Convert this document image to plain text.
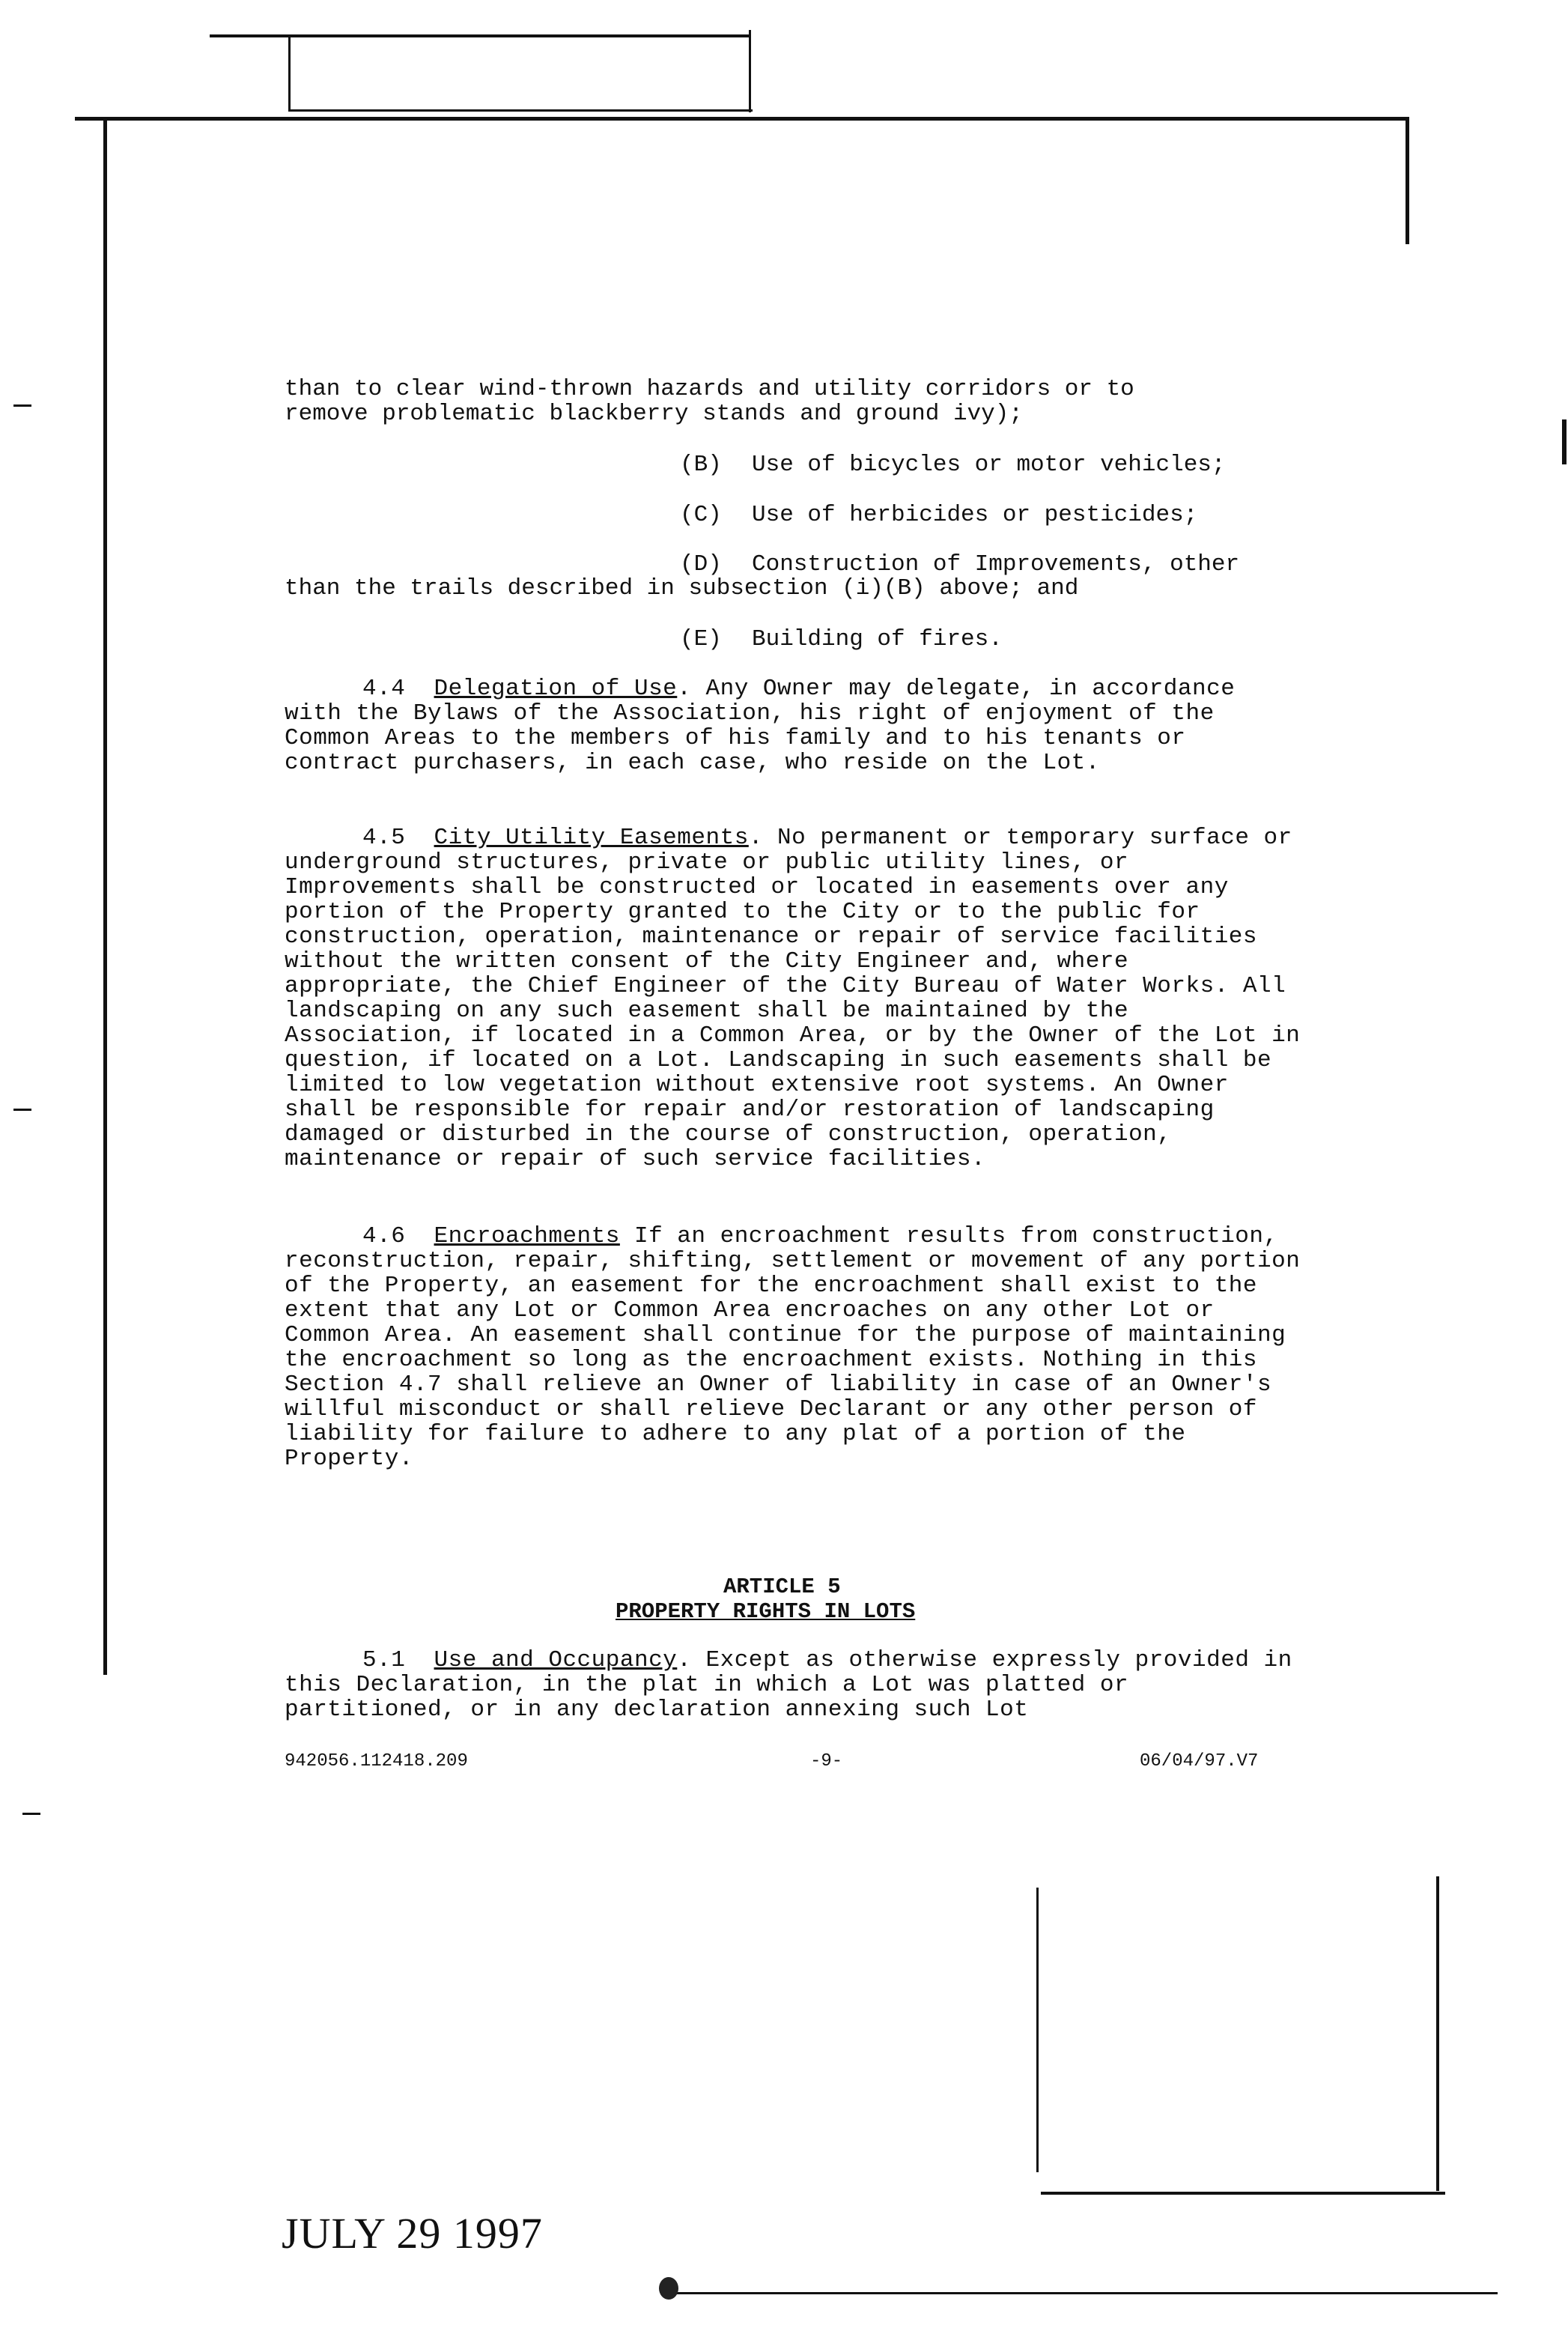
than to clear wind-thrown hazards and utility corridors or to
remove problematic blackberry stands and ground ivy);
(B) Use of bicycles or motor vehicles;
(C) Use of herbicides or pesticides;
(D) Construction of Improvements, other
than the trails described in subsection (i)(B) above; and
(E) Building of fires.
4.4 Delegation of Use. Any Owner may delegate, in accordance with the Bylaws of the Association, his right of enjoyment of the Common Areas to the members of his family and to his tenants or contract purchasers, in each case, who reside on the Lot.
4.5 City Utility Easements. No permanent or temporary surface or underground structures, private or public utility lines, or Improvements shall be constructed or located in easements over any portion of the Property granted to the City or to the public for construction, operation, maintenance or repair of service facilities without the written consent of the City Engineer and, where appropriate, the Chief Engineer of the City Bureau of Water Works. All landscaping on any such easement shall be maintained by the Association, if located in a Common Area, or by the Owner of the Lot in question, if located on a Lot. Landscaping in such easements shall be limited to low vegetation without extensive root systems. An Owner shall be responsible for repair and/or restoration of landscaping damaged or disturbed in the course of construction, operation, maintenance or repair of such service facilities.
4.6 Encroachments If an encroachment results from construction, reconstruction, repair, shifting, settlement or movement of any portion of the Property, an easement for the encroachment shall exist to the extent that any Lot or Common Area encroaches on any other Lot or Common Area. An easement shall continue for the purpose of maintaining the encroachment so long as the encroachment exists. Nothing in this Section 4.7 shall relieve an Owner of liability in case of an Owner's willful misconduct or shall relieve Declarant or any other person of liability for failure to adhere to any plat of a portion of the Property.
ARTICLE 5
PROPERTY RIGHTS IN LOTS
5.1 Use and Occupancy. Except as otherwise expressly provided in this Declaration, in the plat in which a Lot was platted or partitioned, or in any declaration annexing such Lot
942056.112418.209	-9-	06/04/97.V7
JULY 29 1997
